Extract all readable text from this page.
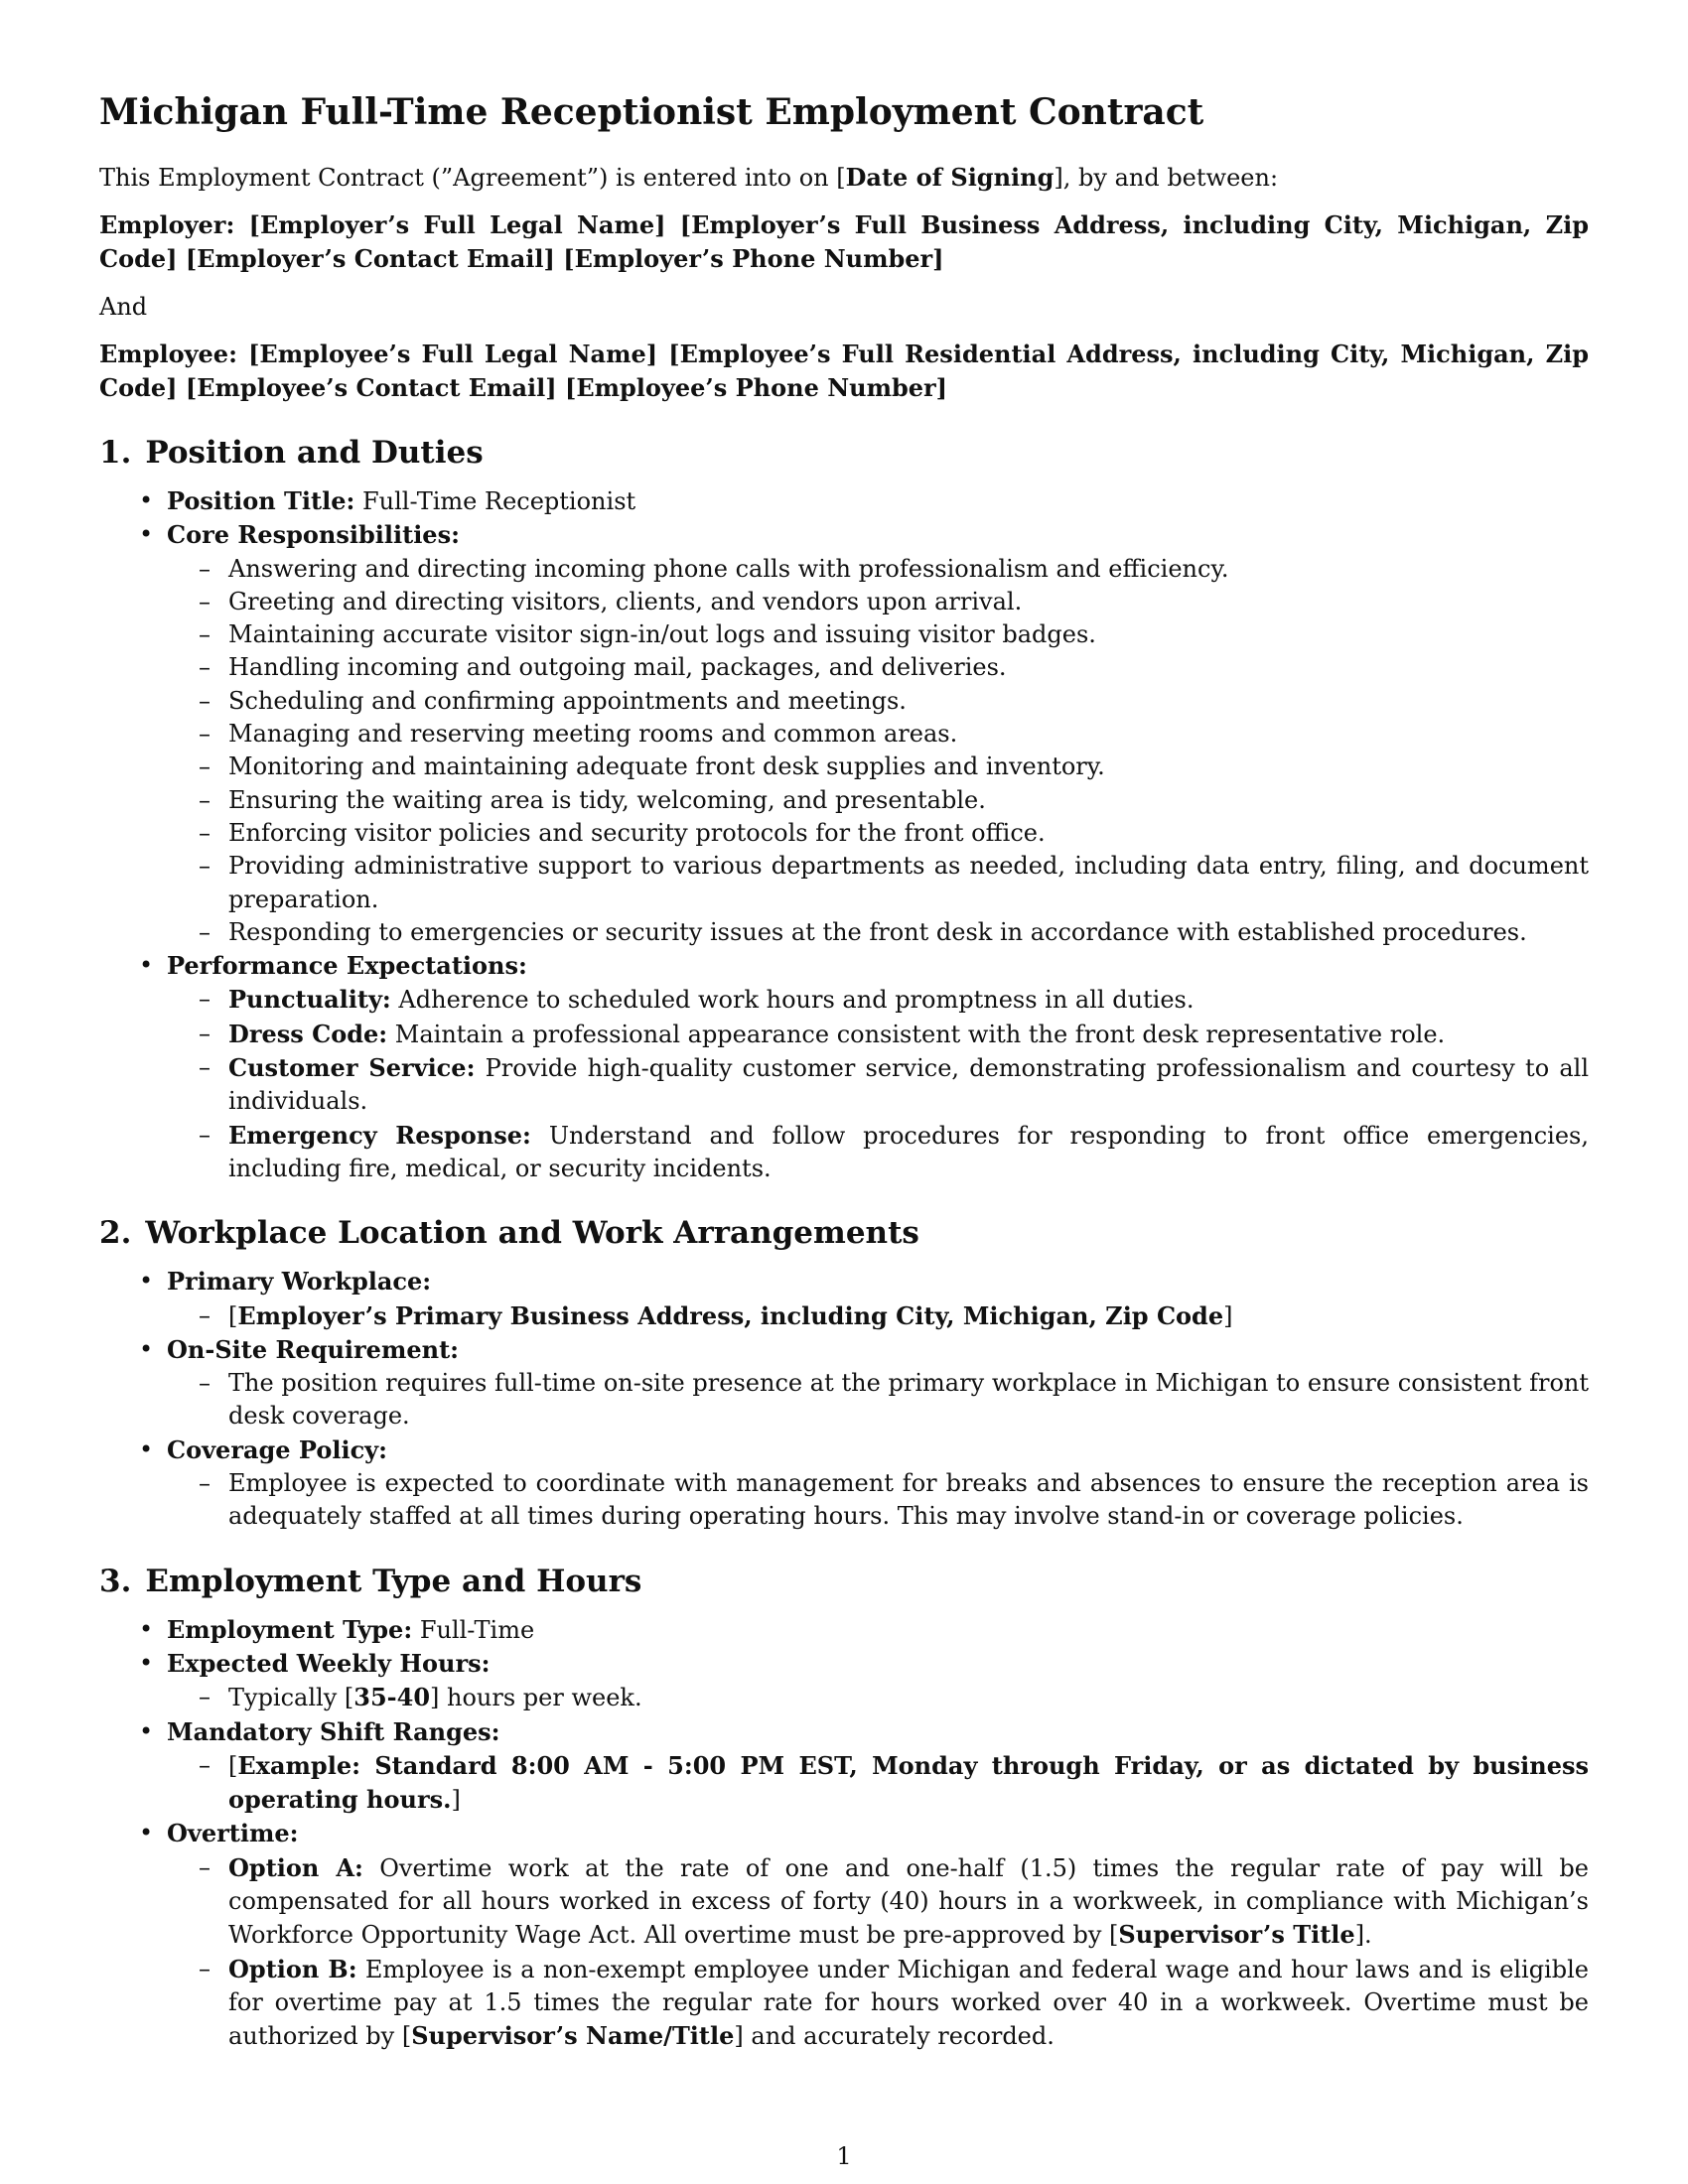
Michigan Full-Time Receptionist Employment Contract

This Employment Contract (”Agreement”) is entered into on [Date of Signing], by and between:

Employer: [Employer’s Full Legal Name] [Employer’s Full Business Address, including City, Michigan, Zip Code] [Employer’s Contact Email] [Employer’s Phone Number]

And

Employee: [Employee’s Full Legal Name] [Employee’s Full Residential Address, including City, Michigan, Zip Code] [Employee’s Contact Email] [Employee’s Phone Number]

1. Position and Duties
• Position Title: Full-Time Receptionist
• Core Responsibilities:
– Answering and directing incoming phone calls with professionalism and efficiency.
– Greeting and directing visitors, clients, and vendors upon arrival.
– Maintaining accurate visitor sign-in/out logs and issuing visitor badges.
– Handling incoming and outgoing mail, packages, and deliveries.
– Scheduling and confirming appointments and meetings.
– Managing and reserving meeting rooms and common areas.
– Monitoring and maintaining adequate front desk supplies and inventory.
– Ensuring the waiting area is tidy, welcoming, and presentable.
– Enforcing visitor policies and security protocols for the front office.
– Providing administrative support to various departments as needed, including data entry, filing, and document preparation.
– Responding to emergencies or security issues at the front desk in accordance with established procedures.
• Performance Expectations:
– Punctuality: Adherence to scheduled work hours and promptness in all duties.
– Dress Code: Maintain a professional appearance consistent with the front desk representative role.
– Customer Service: Provide high-quality customer service, demonstrating professionalism and courtesy to all individuals.
– Emergency Response: Understand and follow procedures for responding to front office emergencies, including fire, medical, or security incidents.
2. Workplace Location and Work Arrangements
• Primary Workplace:
– [Employer’s Primary Business Address, including City, Michigan, Zip Code]
• On-Site Requirement:
– The position requires full-time on-site presence at the primary workplace in Michigan to ensure consistent front desk coverage.
• Coverage Policy:
– Employee is expected to coordinate with management for breaks and absences to ensure the reception area is adequately staffed at all times during operating hours. This may involve stand-in or coverage policies.
3. Employment Type and Hours
• Employment Type: Full-Time
• Expected Weekly Hours:
– Typically [35-40] hours per week.
• Mandatory Shift Ranges:
– [Example: Standard 8:00 AM - 5:00 PM EST, Monday through Friday, or as dictated by business operating hours.]
• Overtime:
– Option A: Overtime work at the rate of one and one-half (1.5) times the regular rate of pay will be compensated for all hours worked in excess of forty (40) hours in a workweek, in compliance with Michigan’s Workforce Opportunity Wage Act. All overtime must be pre-approved by [Supervisor’s Title].
– Option B: Employee is a non-exempt employee under Michigan and federal wage and hour laws and is eligible for overtime pay at 1.5 times the regular rate for hours worked over 40 in a workweek. Overtime must be authorized by [Supervisor’s Name/Title] and accurately recorded.
1
